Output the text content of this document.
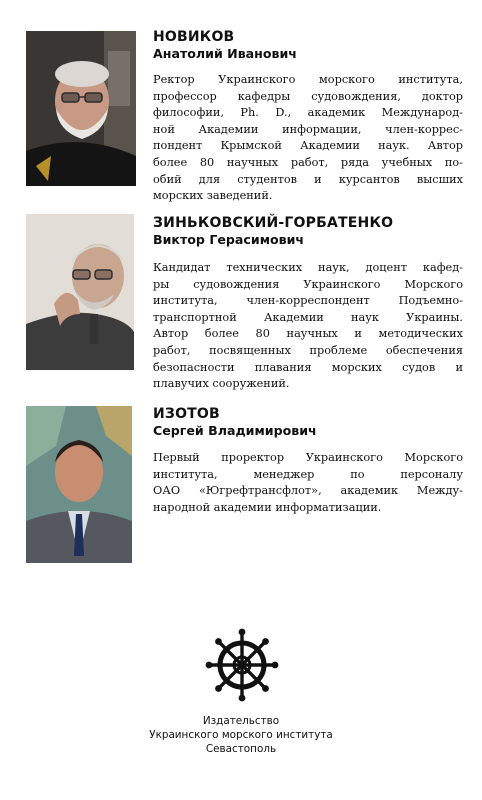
НОВИКОВ
Анатолий Иванович
Ректор Украинского морского института,
профессор кафедры судовождения, доктор
философии, Ph. D., академик Международ-
ной Академии информации, член-коррес-
пондент Крымской Академии наук. Автор
более 80 научных работ, ряда учебных по-
обий для студентов и курсантов высших
морских заведений.
ЗИНЬКОВСКИЙ-ГОРБАТЕНКО
Виктор Герасимович
Кандидат технических наук, доцент кафед-
ры судовождения Украинского Морского
института, член-корреспондент Подъемно-
транспортной Академии наук Украины.
Автор более 80 научных и методических
работ, посвященных проблеме обеспечения
безопасности плавания морских судов и
плавучих сооружений.
ИЗОТОВ
Сергей Владимирович
Первый проректор Украинского Морского
института, менеджер по персоналу
ОАО «Югрефтрансфлот», академик Между-
народной академии информатизации.
Издательство
Украинского морского института
Севастополь
